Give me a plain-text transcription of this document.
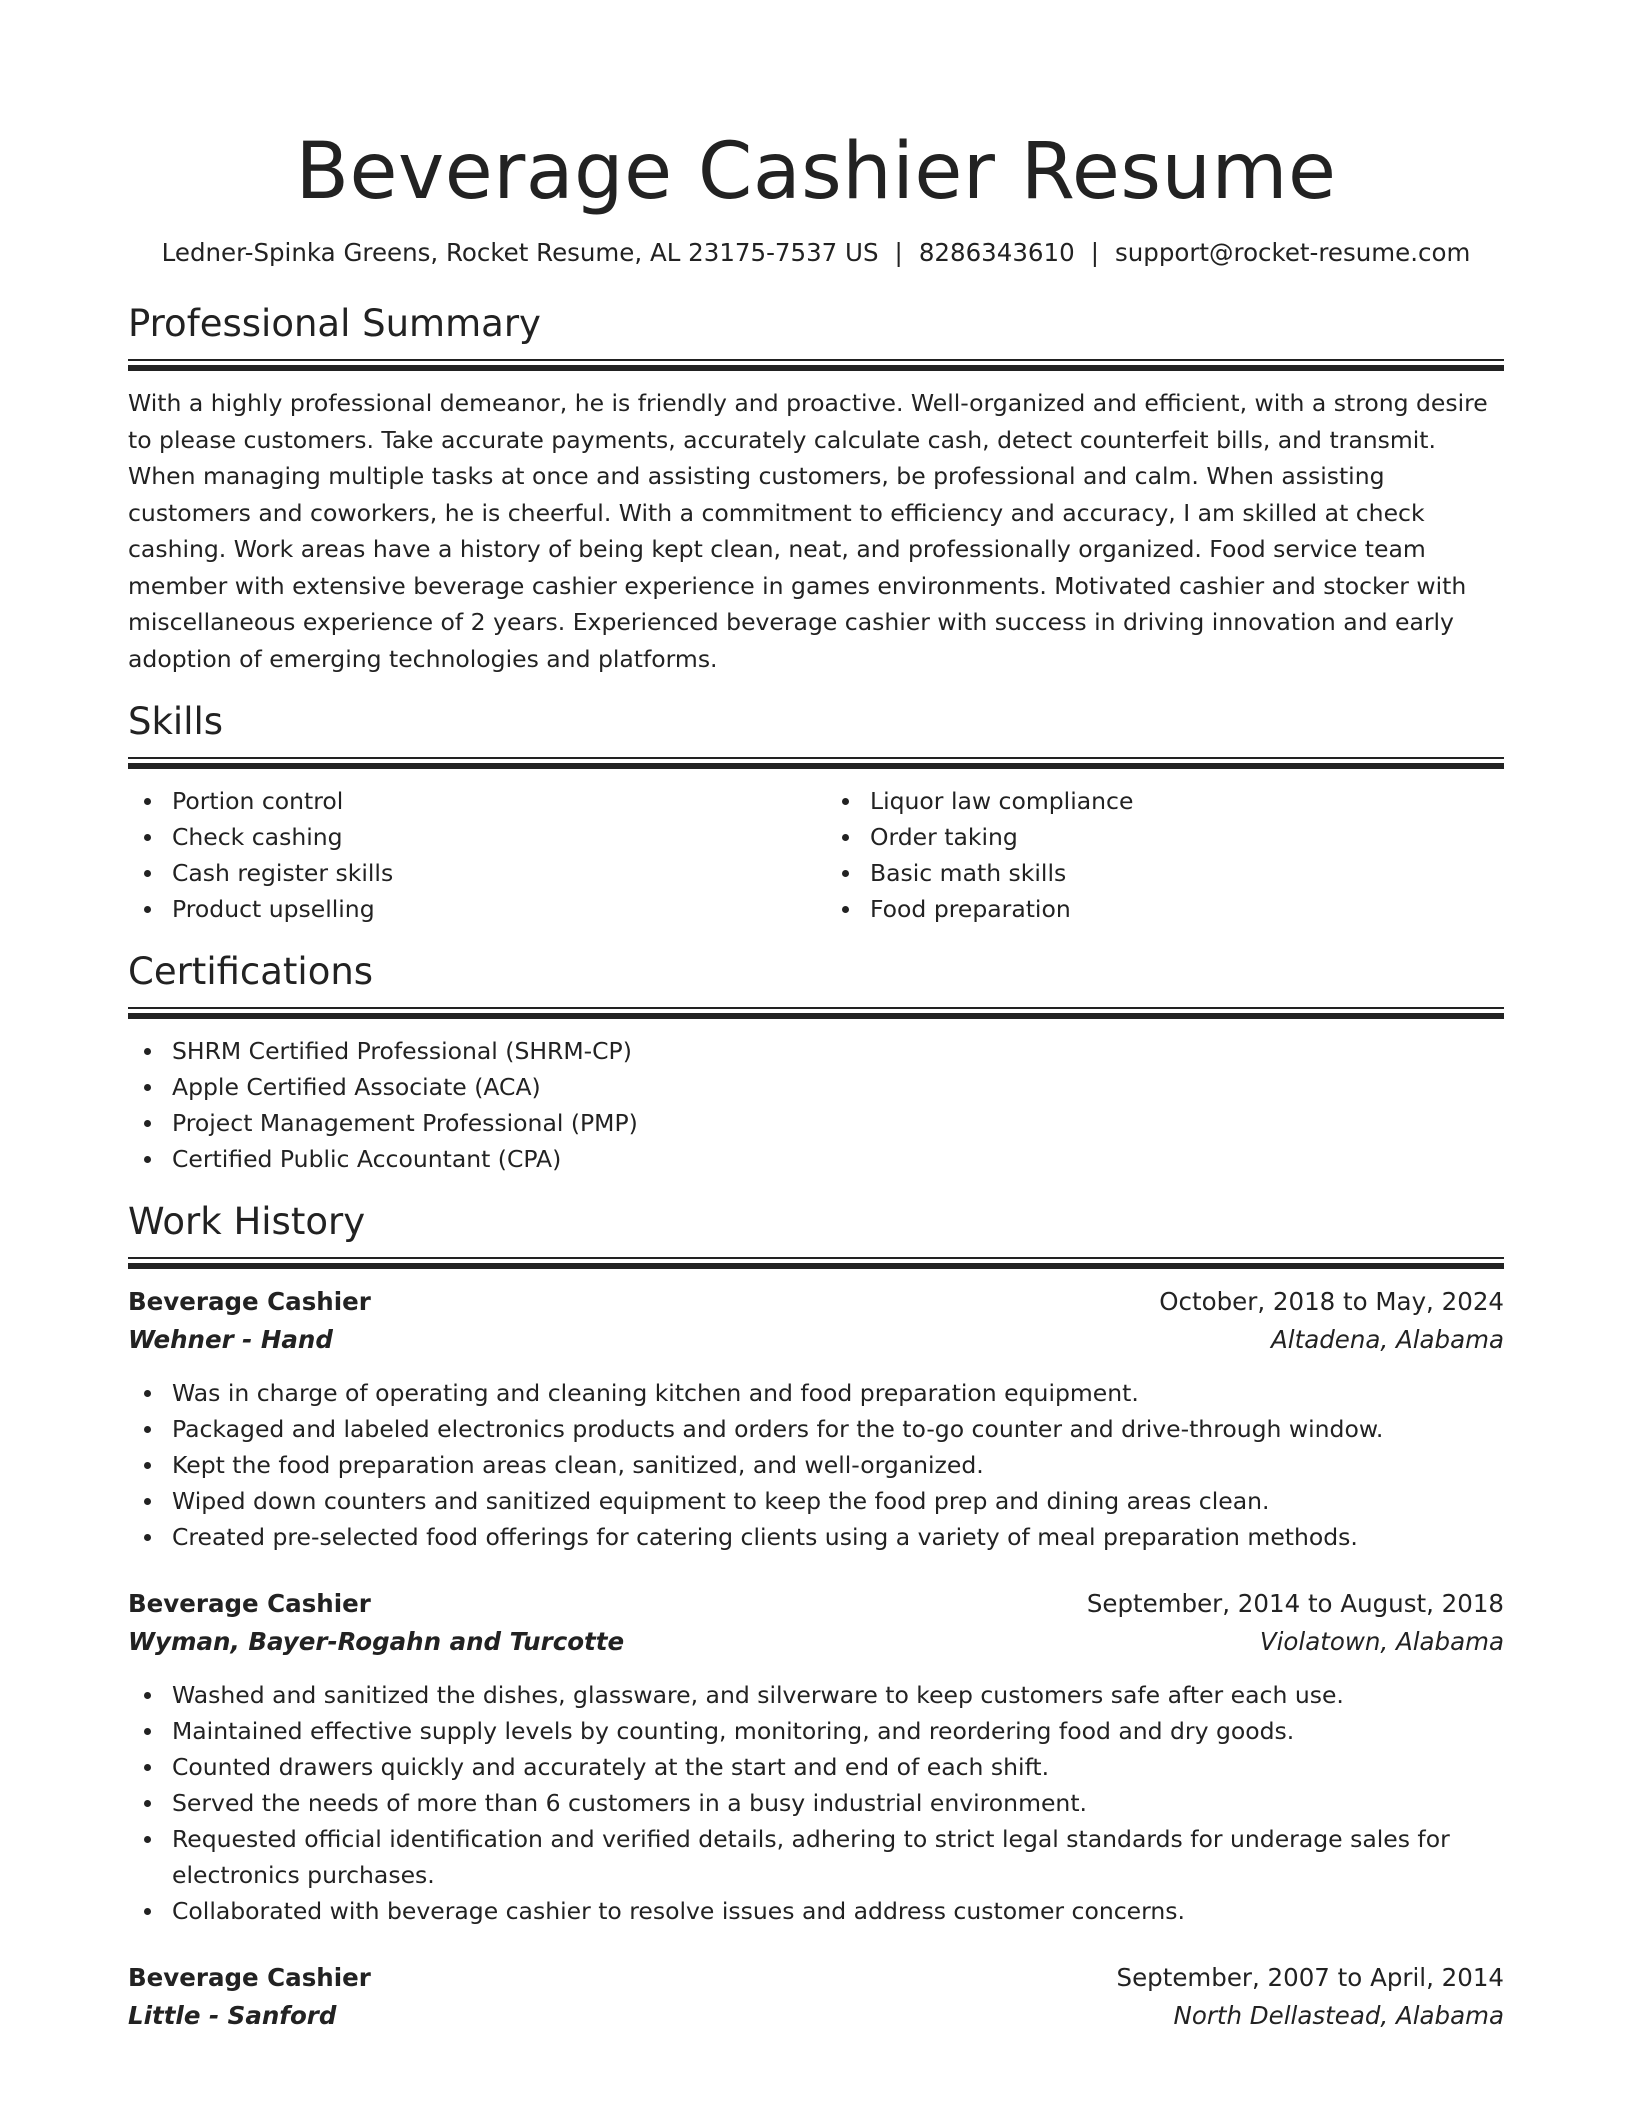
Beverage Cashier Resume
Ledner-Spinka Greens, Rocket Resume, AL 23175-7537 US | 8286343610 | support@rocket-resume.com
Professional Summary
With a highly professional demeanor, he is friendly and proactive. Well-organized and efficient, with a strong desire to please customers. Take accurate payments, accurately calculate cash, detect counterfeit bills, and transmit. When managing multiple tasks at once and assisting customers, be professional and calm. When assisting customers and coworkers, he is cheerful. With a commitment to efficiency and accuracy, I am skilled at check cashing. Work areas have a history of being kept clean, neat, and professionally organized. Food service team member with extensive beverage cashier experience in games environments. Motivated cashier and stocker with miscellaneous experience of 2 years. Experienced beverage cashier with success in driving innovation and early adoption of emerging technologies and platforms.
Skills
Portion control
Check cashing
Cash register skills
Product upselling
Liquor law compliance
Order taking
Basic math skills
Food preparation
Certifications
SHRM Certified Professional (SHRM-CP)
Apple Certified Associate (ACA)
Project Management Professional (PMP)
Certified Public Accountant (CPA)
Work History
Beverage Cashier	October, 2018 to May, 2024
Wehner - Hand	Altadena, Alabama
Was in charge of operating and cleaning kitchen and food preparation equipment.
Packaged and labeled electronics products and orders for the to-go counter and drive-through window.
Kept the food preparation areas clean, sanitized, and well-organized.
Wiped down counters and sanitized equipment to keep the food prep and dining areas clean.
Created pre-selected food offerings for catering clients using a variety of meal preparation methods.
Beverage Cashier	September, 2014 to August, 2018
Wyman, Bayer-Rogahn and Turcotte	Violatown, Alabama
Washed and sanitized the dishes, glassware, and silverware to keep customers safe after each use.
Maintained effective supply levels by counting, monitoring, and reordering food and dry goods.
Counted drawers quickly and accurately at the start and end of each shift.
Served the needs of more than 6 customers in a busy industrial environment.
Requested official identification and verified details, adhering to strict legal standards for underage sales for electronics purchases.
Collaborated with beverage cashier to resolve issues and address customer concerns.
Beverage Cashier	September, 2007 to April, 2014
Little - Sanford	North Dellastead, Alabama
